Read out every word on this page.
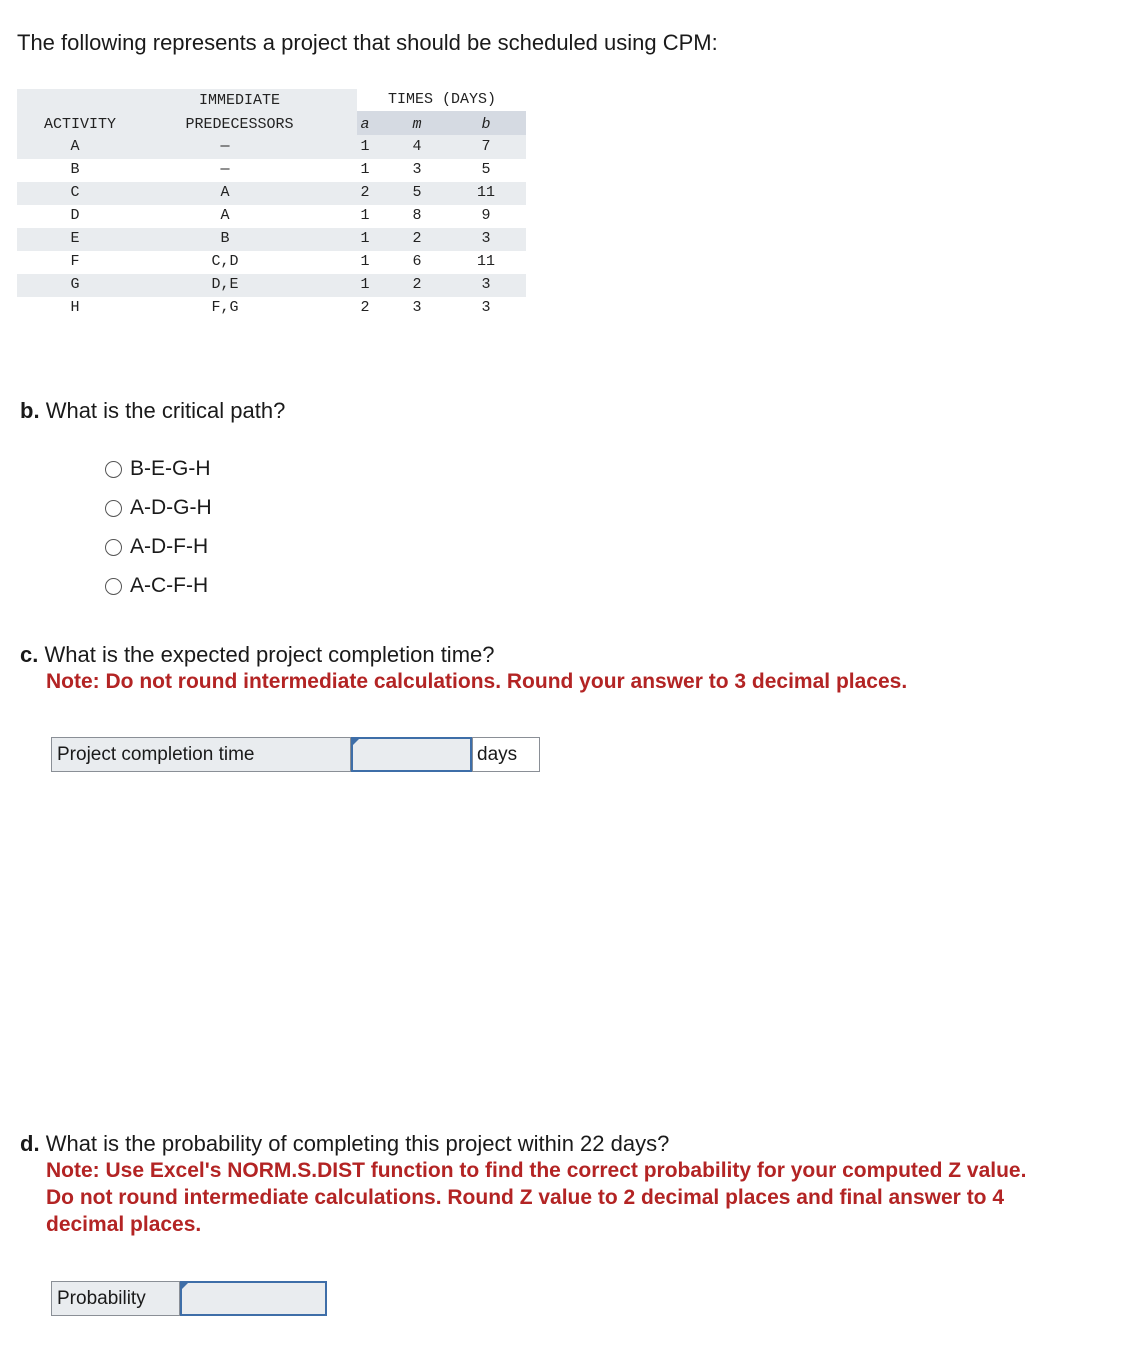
The following represents a project that should be scheduled using CPM:
TIMES (DAYS)
IMMEDIATE
ACTIVITY	PREDECESSORS	a	m	b
A	—	1	4	7
B	—	1	3	5
C	A	2	5	11
D	A	1	8	9
E	B	1	2	3
F	C,D	1	6	11
G	D,E	1	2	3
H	F,G	2	3	3
b. What is the critical path?
B-E-G-H
A-D-G-H
A-D-F-H
A-C-F-H
c. What is the expected project completion time?
Note: Do not round intermediate calculations. Round your answer to 3 decimal places.
Project completion time	days
d. What is the probability of completing this project within 22 days?
Note: Use Excel's NORM.S.DIST function to find the correct probability for your computed Z value.
Do not round intermediate calculations. Round Z value to 2 decimal places and final answer to 4
decimal places.
Probability
